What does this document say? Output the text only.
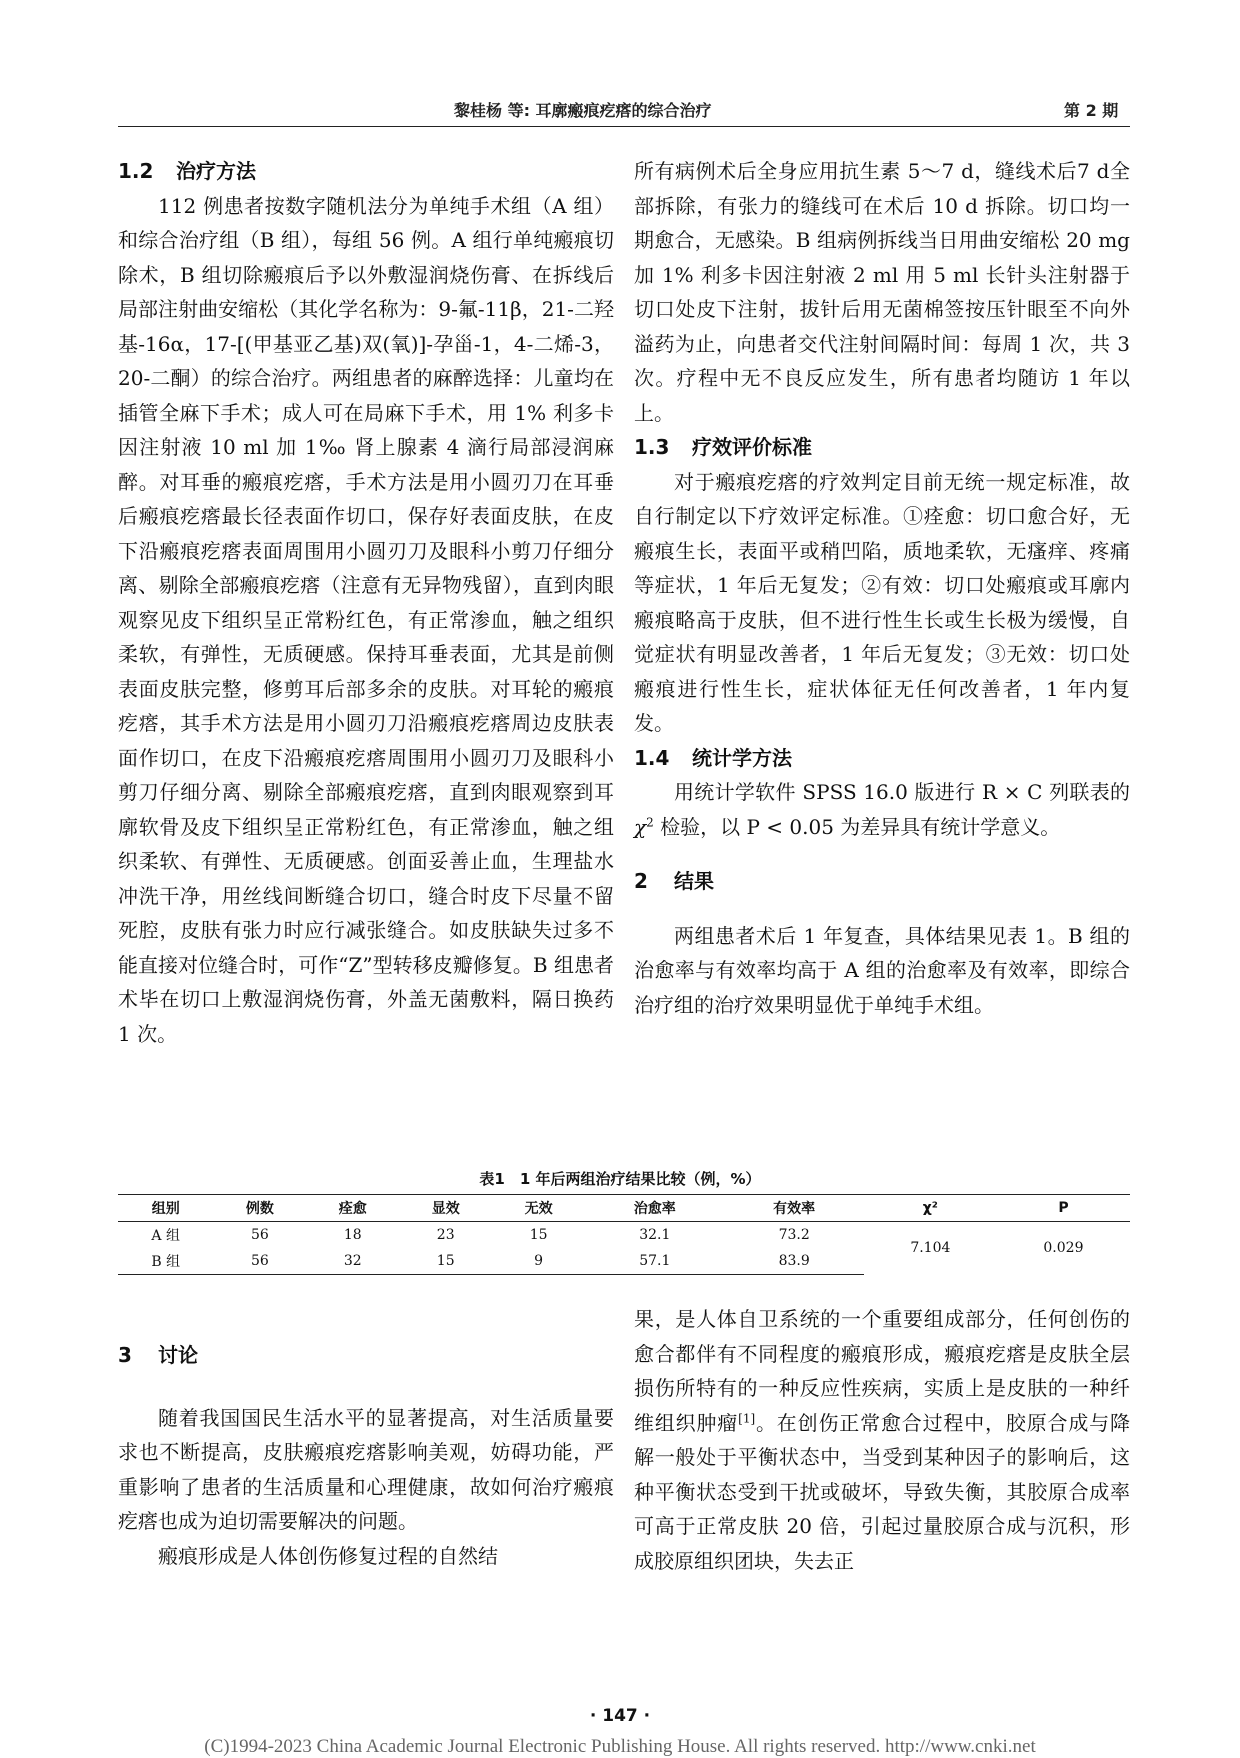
黎桂杨 等: 耳廓瘢痕疙瘩的综合治疗	第 2 期
1.2 治疗方法

112 例患者按数字随机法分为单纯手术组（A 组）和综合治疗组（B 组），每组 56 例。A 组行单纯瘢痕切除术，B 组切除瘢痕后予以外敷湿润烧伤膏、在拆线后局部注射曲安缩松（其化学名称为：9-氟-11β，21-二羟基-16α，17-[(甲基亚乙基)双(氧)]-孕甾-1，4-二烯-3，20-二酮）的综合治疗。两组患者的麻醉选择：儿童均在插管全麻下手术；成人可在局麻下手术，用 1% 利多卡因注射液 10 ml 加 1‰ 肾上腺素 4 滴行局部浸润麻醉。对耳垂的瘢痕疙瘩，手术方法是用小圆刃刀在耳垂后瘢痕疙瘩最长径表面作切口，保存好表面皮肤，在皮下沿瘢痕疙瘩表面周围用小圆刃刀及眼科小剪刀仔细分离、剔除全部瘢痕疙瘩（注意有无异物残留），直到肉眼观察见皮下组织呈正常粉红色，有正常渗血，触之组织柔软，有弹性，无质硬感。保持耳垂表面，尤其是前侧表面皮肤完整，修剪耳后部多余的皮肤。对耳轮的瘢痕疙瘩，其手术方法是用小圆刃刀沿瘢痕疙瘩周边皮肤表面作切口，在皮下沿瘢痕疙瘩周围用小圆刃刀及眼科小剪刀仔细分离、剔除全部瘢痕疙瘩，直到肉眼观察到耳廓软骨及皮下组织呈正常粉红色，有正常渗血，触之组织柔软、有弹性、无质硬感。创面妥善止血，生理盐水冲洗干净，用丝线间断缝合切口，缝合时皮下尽量不留死腔，皮肤有张力时应行减张缝合。如皮肤缺失过多不能直接对位缝合时，可作“Z”型转移皮瓣修复。B 组患者术毕在切口上敷湿润烧伤膏，外盖无菌敷料，隔日换药 1 次。

所有病例术后全身应用抗生素 5～7 d，缝线术后7 d全部拆除，有张力的缝线可在术后 10 d 拆除。切口均一期愈合，无感染。B 组病例拆线当日用曲安缩松 20 mg 加 1% 利多卡因注射液 2 ml 用 5 ml 长针头注射器于切口处皮下注射，拔针后用无菌棉签按压针眼至不向外溢药为止，向患者交代注射间隔时间：每周 1 次，共 3 次。疗程中无不良反应发生，所有患者均随访 1 年以上。

1.3 疗效评价标准

对于瘢痕疙瘩的疗效判定目前无统一规定标准，故自行制定以下疗效评定标准。①痊愈：切口愈合好，无瘢痕生长，表面平或稍凹陷，质地柔软，无瘙痒、疼痛等症状，1 年后无复发；②有效：切口处瘢痕或耳廓内瘢痕略高于皮肤，但不进行性生长或生长极为缓慢，自觉症状有明显改善者，1 年后无复发；③无效：切口处瘢痕进行性生长，症状体征无任何改善者，1 年内复发。

1.4 统计学方法

用统计学软件 SPSS 16.0 版进行 R × C 列联表的$\chi^2$ 检验，以 P < 0.05 为差异具有统计学意义。

2 结果

两组患者术后 1 年复查，具体结果见表 1。B 组的治愈率与有效率均高于 A 组的治愈率及有效率，即综合治疗组的治疗效果明显优于单纯手术组。

表1　1 年后两组治疗结果比较（例，%）
组别	例数	痊愈	显效	无效	治愈率	有效率	χ²	P
A 组	56	18	23	15	32.1	73.2	7.104	0.029
B 组	56	32	15	9	57.1	83.9		
3 讨论

随着我国国民生活水平的显著提高，对生活质量要求也不断提高，皮肤瘢痕疙瘩影响美观，妨碍功能，严重影响了患者的生活质量和心理健康，故如何治疗瘢痕疙瘩也成为迫切需要解决的问题。

瘢痕形成是人体创伤修复过程的自然结

果，是人体自卫系统的一个重要组成部分，任何创伤的愈合都伴有不同程度的瘢痕形成，瘢痕疙瘩是皮肤全层损伤所特有的一种反应性疾病，实质上是皮肤的一种纤维组织肿瘤[1]。在创伤正常愈合过程中，胶原合成与降解一般处于平衡状态中，当受到某种因子的影响后，这种平衡状态受到干扰或破坏，导致失衡，其胶原合成率可高于正常皮肤 20 倍，引起过量胶原合成与沉积，形成胶原组织团块，失去正

· 147 ·
(C)1994-2023 China Academic Journal Electronic Publishing House. All rights reserved. http://www.cnki.net
